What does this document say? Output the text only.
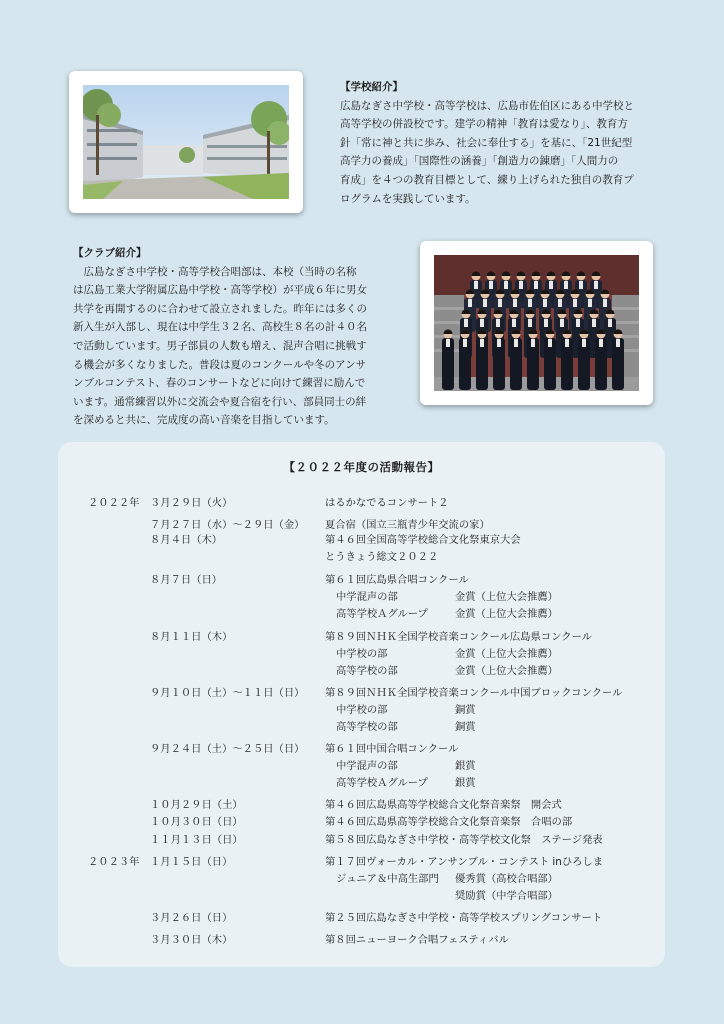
【学校紹介】
広島なぎさ中学校・高等学校は、広島市佐伯区にある中学校と
高等学校の併設校です。建学の精神「教育は愛なり」、教育方
針「常に神と共に歩み、社会に奉仕する」を基に、「21世紀型
高学力の養成」「国際性の涵養」「創造力の錬磨」「人間力の
育成」を４つの教育目標として、練り上げられた独自の教育プ
ログラムを実践しています。
【クラブ紹介】
　広島なぎさ中学校・高等学校合唱部は、本校（当時の名称
は広島工業大学附属広島中学校・高等学校）が平成６年に男女
共学を再開するのに合わせて設立されました。昨年には多くの
新入生が入部し、現在は中学生３２名、高校生８名の計４０名
で活動しています。男子部員の人数も増え、混声合唱に挑戦す
る機会が多くなりました。普段は夏のコンクールや冬のアンサ
ンブルコンテスト、春のコンサートなどに向けて練習に励んで
います。通常練習以外に交流会や夏合宿を行い、部員同士の絆
を深めると共に、完成度の高い音楽を目指しています。
【２０２２年度の活動報告】
２０２２年 ３月２９日（火）	はるかなでるコンサート２
７月２７日（水）～２９日（金） 夏合宿（国立三瓶青少年交流の家）
８月４日（木）	第４６回全国高等学校総合文化祭東京大会
とうきょう総文２０２２
８月７日（日）	第６１回広島県合唱コンクール
中学混声の部	金賞（上位大会推薦）
高等学校Ａグループ	金賞（上位大会推薦）
８月１１日（木）	第８９回ＮＨＫ全国学校音楽コンクール広島県コンクール
中学校の部	金賞（上位大会推薦）
高等学校の部	金賞（上位大会推薦）
９月１０日（土）～１１日（日） 第８９回ＮＨＫ全国学校音楽コンクール中国ブロックコンクール
中学校の部	銅賞
高等学校の部	銅賞
９月２４日（土）～２５日（日） 第６１回中国合唱コンクール
中学混声の部	銀賞
高等学校Ａグループ	銀賞
１０月２９日（土）	第４６回広島県高等学校総合文化祭音楽祭　開会式
１０月３０日（日）	第４６回広島県高等学校総合文化祭音楽祭　合唱の部
１１月１３日（日）	第５８回広島なぎさ中学校・高等学校文化祭　ステージ発表
２０２３年 １月１５日（日）	第１７回ヴォーカル・アンサンブル・コンテスト inひろしま
ジュニア＆中高生部門 優秀賞（高校合唱部）
奨励賞（中学合唱部）
３月２６日（日）	第２５回広島なぎさ中学校・高等学校スプリングコンサート
３月３０日（木）	第８回ニューヨーク合唱フェスティバル
